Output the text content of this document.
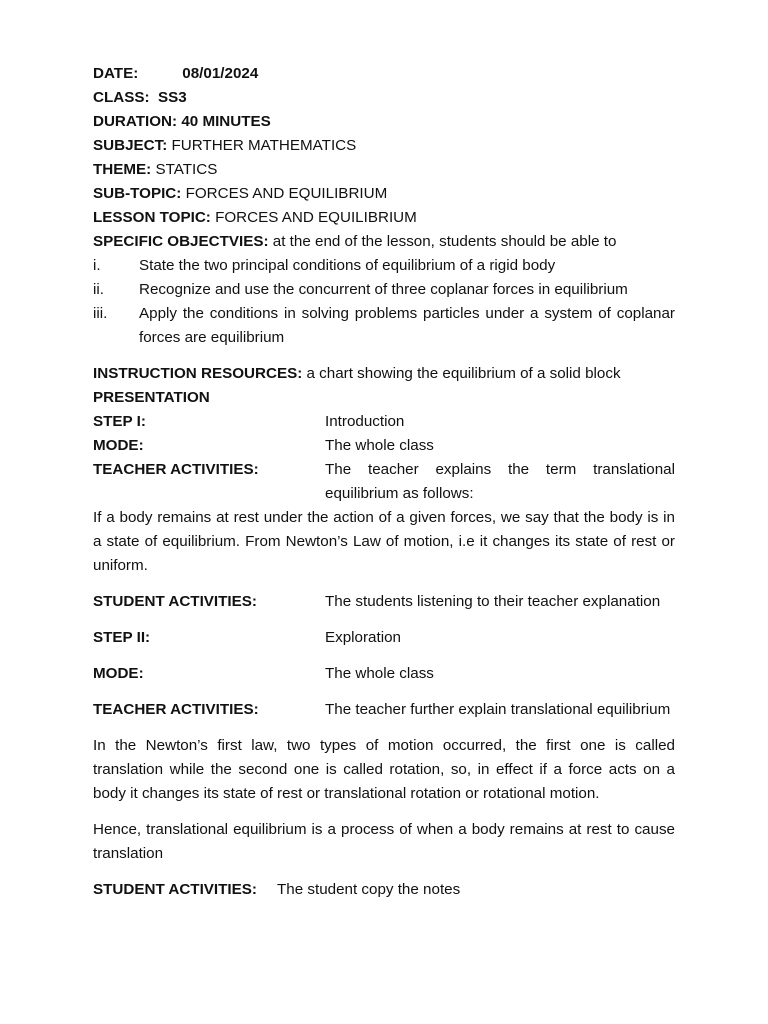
DATE:	08/01/2024
CLASS: SS3
DURATION: 40 MINUTES
SUBJECT: FURTHER MATHEMATICS
THEME: STATICS
SUB-TOPIC: FORCES AND EQUILIBRIUM
LESSON TOPIC: FORCES AND EQUILIBRIUM
SPECIFIC OBJECTVIES: at the end of the lesson, students should be able to
i.	State the two principal conditions of equilibrium of a rigid body
ii.	Recognize and use the concurrent of three coplanar forces in equilibrium
iii.	Apply the conditions in solving problems particles under a system of coplanar forces are equilibrium
INSTRUCTION RESOURCES: a chart showing the equilibrium of a solid block
PRESENTATION
STEP I:	Introduction
MODE:	The whole class
TEACHER ACTIVITIES:	The teacher explains the term translational equilibrium as follows:
If a body remains at rest under the action of a given forces, we say that the body is in a state of equilibrium. From Newton’s Law of motion, i.e it changes its state of rest or uniform.
STUDENT ACTIVITIES:	The students listening to their teacher explanation
STEP II:	Exploration
MODE:	The whole class
TEACHER ACTIVITIES:	The teacher further explain translational equilibrium
In the Newton’s first law, two types of motion occurred, the first one is called translation while the second one is called rotation, so, in effect if a force acts on a body it changes its state of rest or translational rotation or rotational motion.
Hence, translational equilibrium is a process of when a body remains at rest to cause translation
STUDENT ACTIVITIES: The student copy the notes
